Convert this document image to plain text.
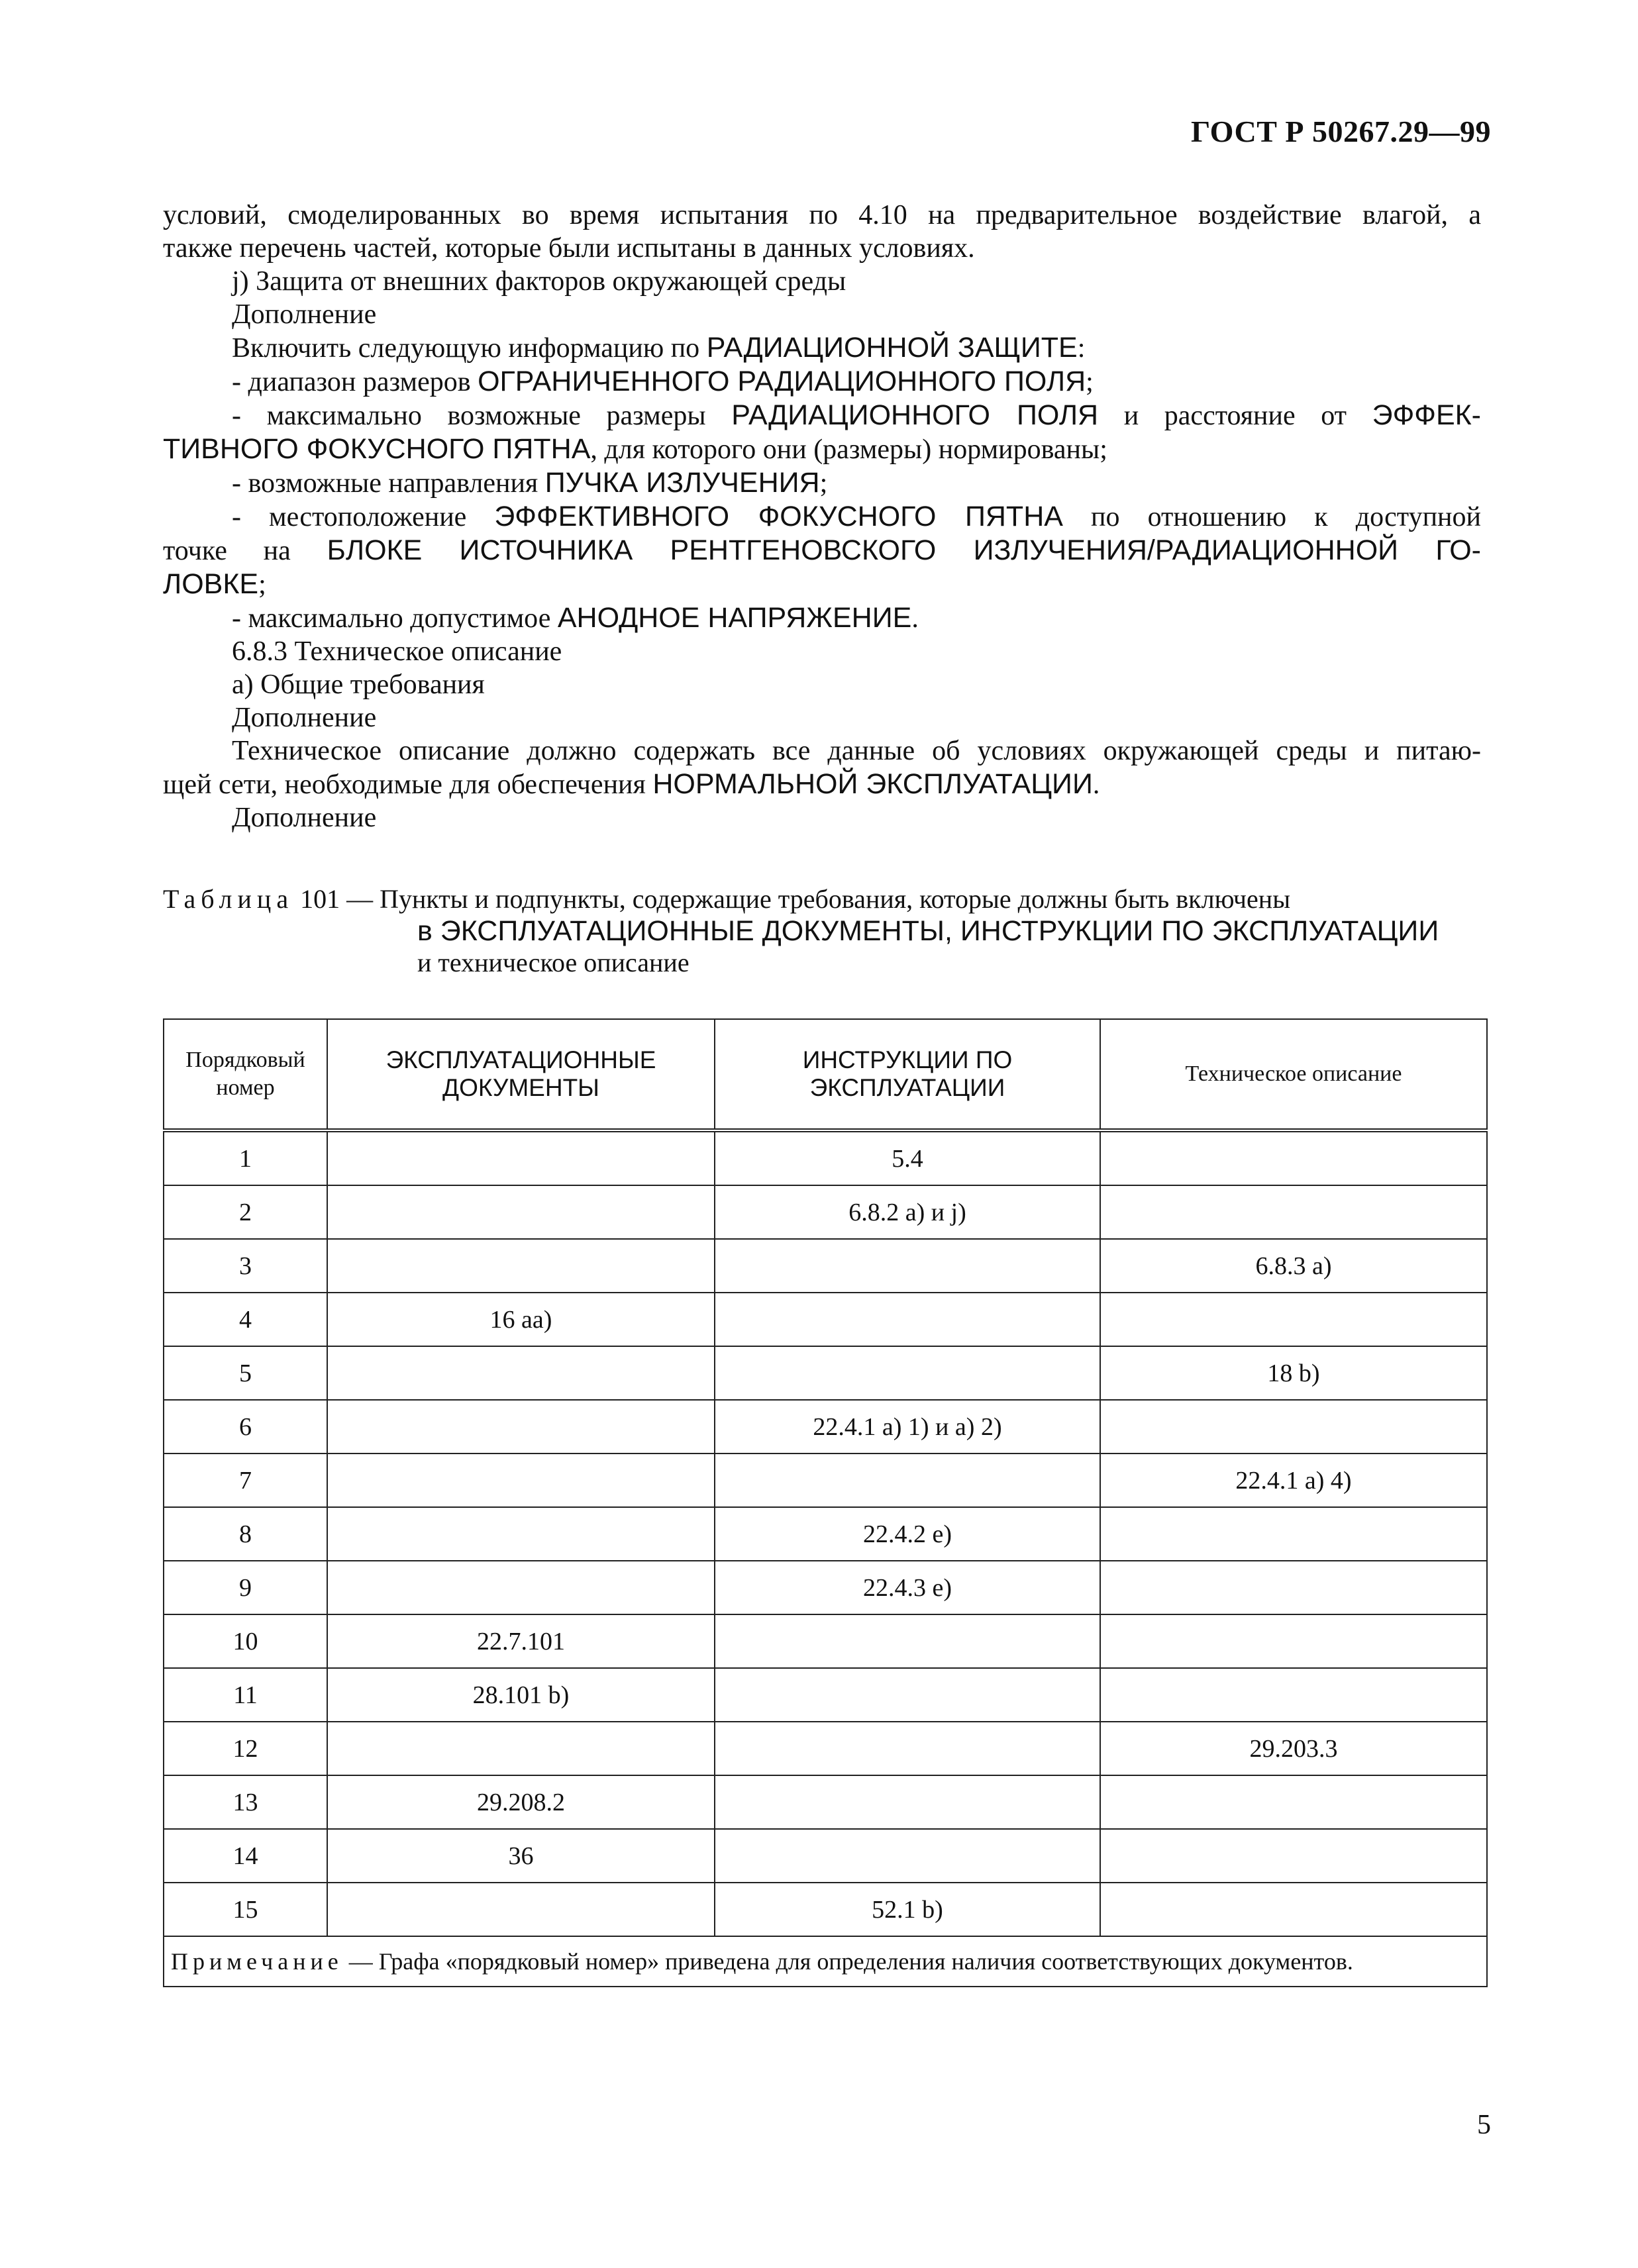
ГОСТ Р 50267.29—99

условий, смоделированных во время испытания по 4.10 на предварительное воздействие влагой, а

также перечень частей, которые были испытаны в данных условиях.

j) Защита от внешних факторов окружающей среды

Дополнение

Включить следующую информацию по РАДИАЦИОННОЙ ЗАЩИТЕ:

- диапазон размеров ОГРАНИЧЕННОГО РАДИАЦИОННОГО ПОЛЯ;

- максимально возможные размеры РАДИАЦИОННОГО ПОЛЯ и расстояние от ЭФФЕК-

ТИВНОГО ФОКУСНОГО ПЯТНА, для которого они (размеры) нормированы;

- возможные направления ПУЧКА ИЗЛУЧЕНИЯ;

- местоположение ЭФФЕКТИВНОГО ФОКУСНОГО ПЯТНА по отношению к доступной

точке на БЛОКЕ ИСТОЧНИКА РЕНТГЕНОВСКОГО ИЗЛУЧЕНИЯ/РАДИАЦИОННОЙ ГО-

ЛОВКЕ;

- максимально допустимое АНОДНОЕ НАПРЯЖЕНИЕ.

6.8.3 Техническое описание

а) Общие требования

Дополнение

Техническое описание должно содержать все данные об условиях окружающей среды и питаю-

щей сети, необходимые для обеспечения НОРМАЛЬНОЙ ЭКСПЛУАТАЦИИ.

Дополнение

Таблица 101 — Пункты и подпункты, содержащие требования, которые должны быть включены
в ЭКСПЛУАТАЦИОННЫЕ ДОКУМЕНТЫ, ИНСТРУКЦИИ ПО ЭКСПЛУАТАЦИИ
и техническое описание
Порядковый номер	ЭКСПЛУАТАЦИОННЫЕ ДОКУМЕНТЫ	ИНСТРУКЦИИ ПО ЭКСПЛУАТАЦИИ	Техническое описание
1		5.4	
2		6.8.2 а) и j)	
3			6.8.3 а)
4	16 aa)		
5			18 b)
6		22.4.1 а) 1) и а) 2)	
7			22.4.1 а) 4)
8		22.4.2 е)	
9		22.4.3 е)	
10	22.7.101		
11	28.101 b)		
12			29.203.3
13	29.208.2		
14	36		
15		52.1 b)	
Примечание — Графа «порядковый номер» приведена для определения наличия соответствующих документов.			
5
